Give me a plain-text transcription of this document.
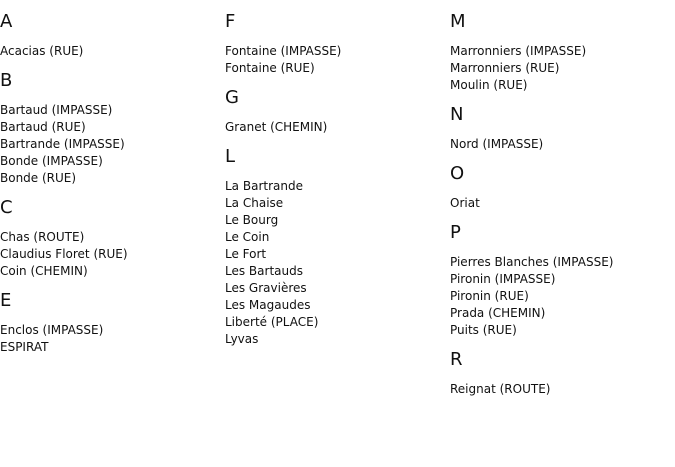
A
Acacias (RUE)
B
Bartaud (IMPASSE)
Bartaud (RUE)
Bartrande (IMPASSE)
Bonde (IMPASSE)
Bonde (RUE)
C
Chas (ROUTE)
Claudius Floret (RUE)
Coin (CHEMIN)
E
Enclos (IMPASSE)
ESPIRAT
F
Fontaine (IMPASSE)
Fontaine (RUE)
G
Granet (CHEMIN)
L
La Bartrande
La Chaise
Le Bourg
Le Coin
Le Fort
Les Bartauds
Les Gravières
Les Magaudes
Liberté (PLACE)
Lyvas
M
Marronniers (IMPASSE)
Marronniers (RUE)
Moulin (RUE)
N
Nord (IMPASSE)
O
Oriat
P
Pierres Blanches (IMPASSE)
Pironin (IMPASSE)
Pironin (RUE)
Prada (CHEMIN)
Puits (RUE)
R
Reignat (ROUTE)
